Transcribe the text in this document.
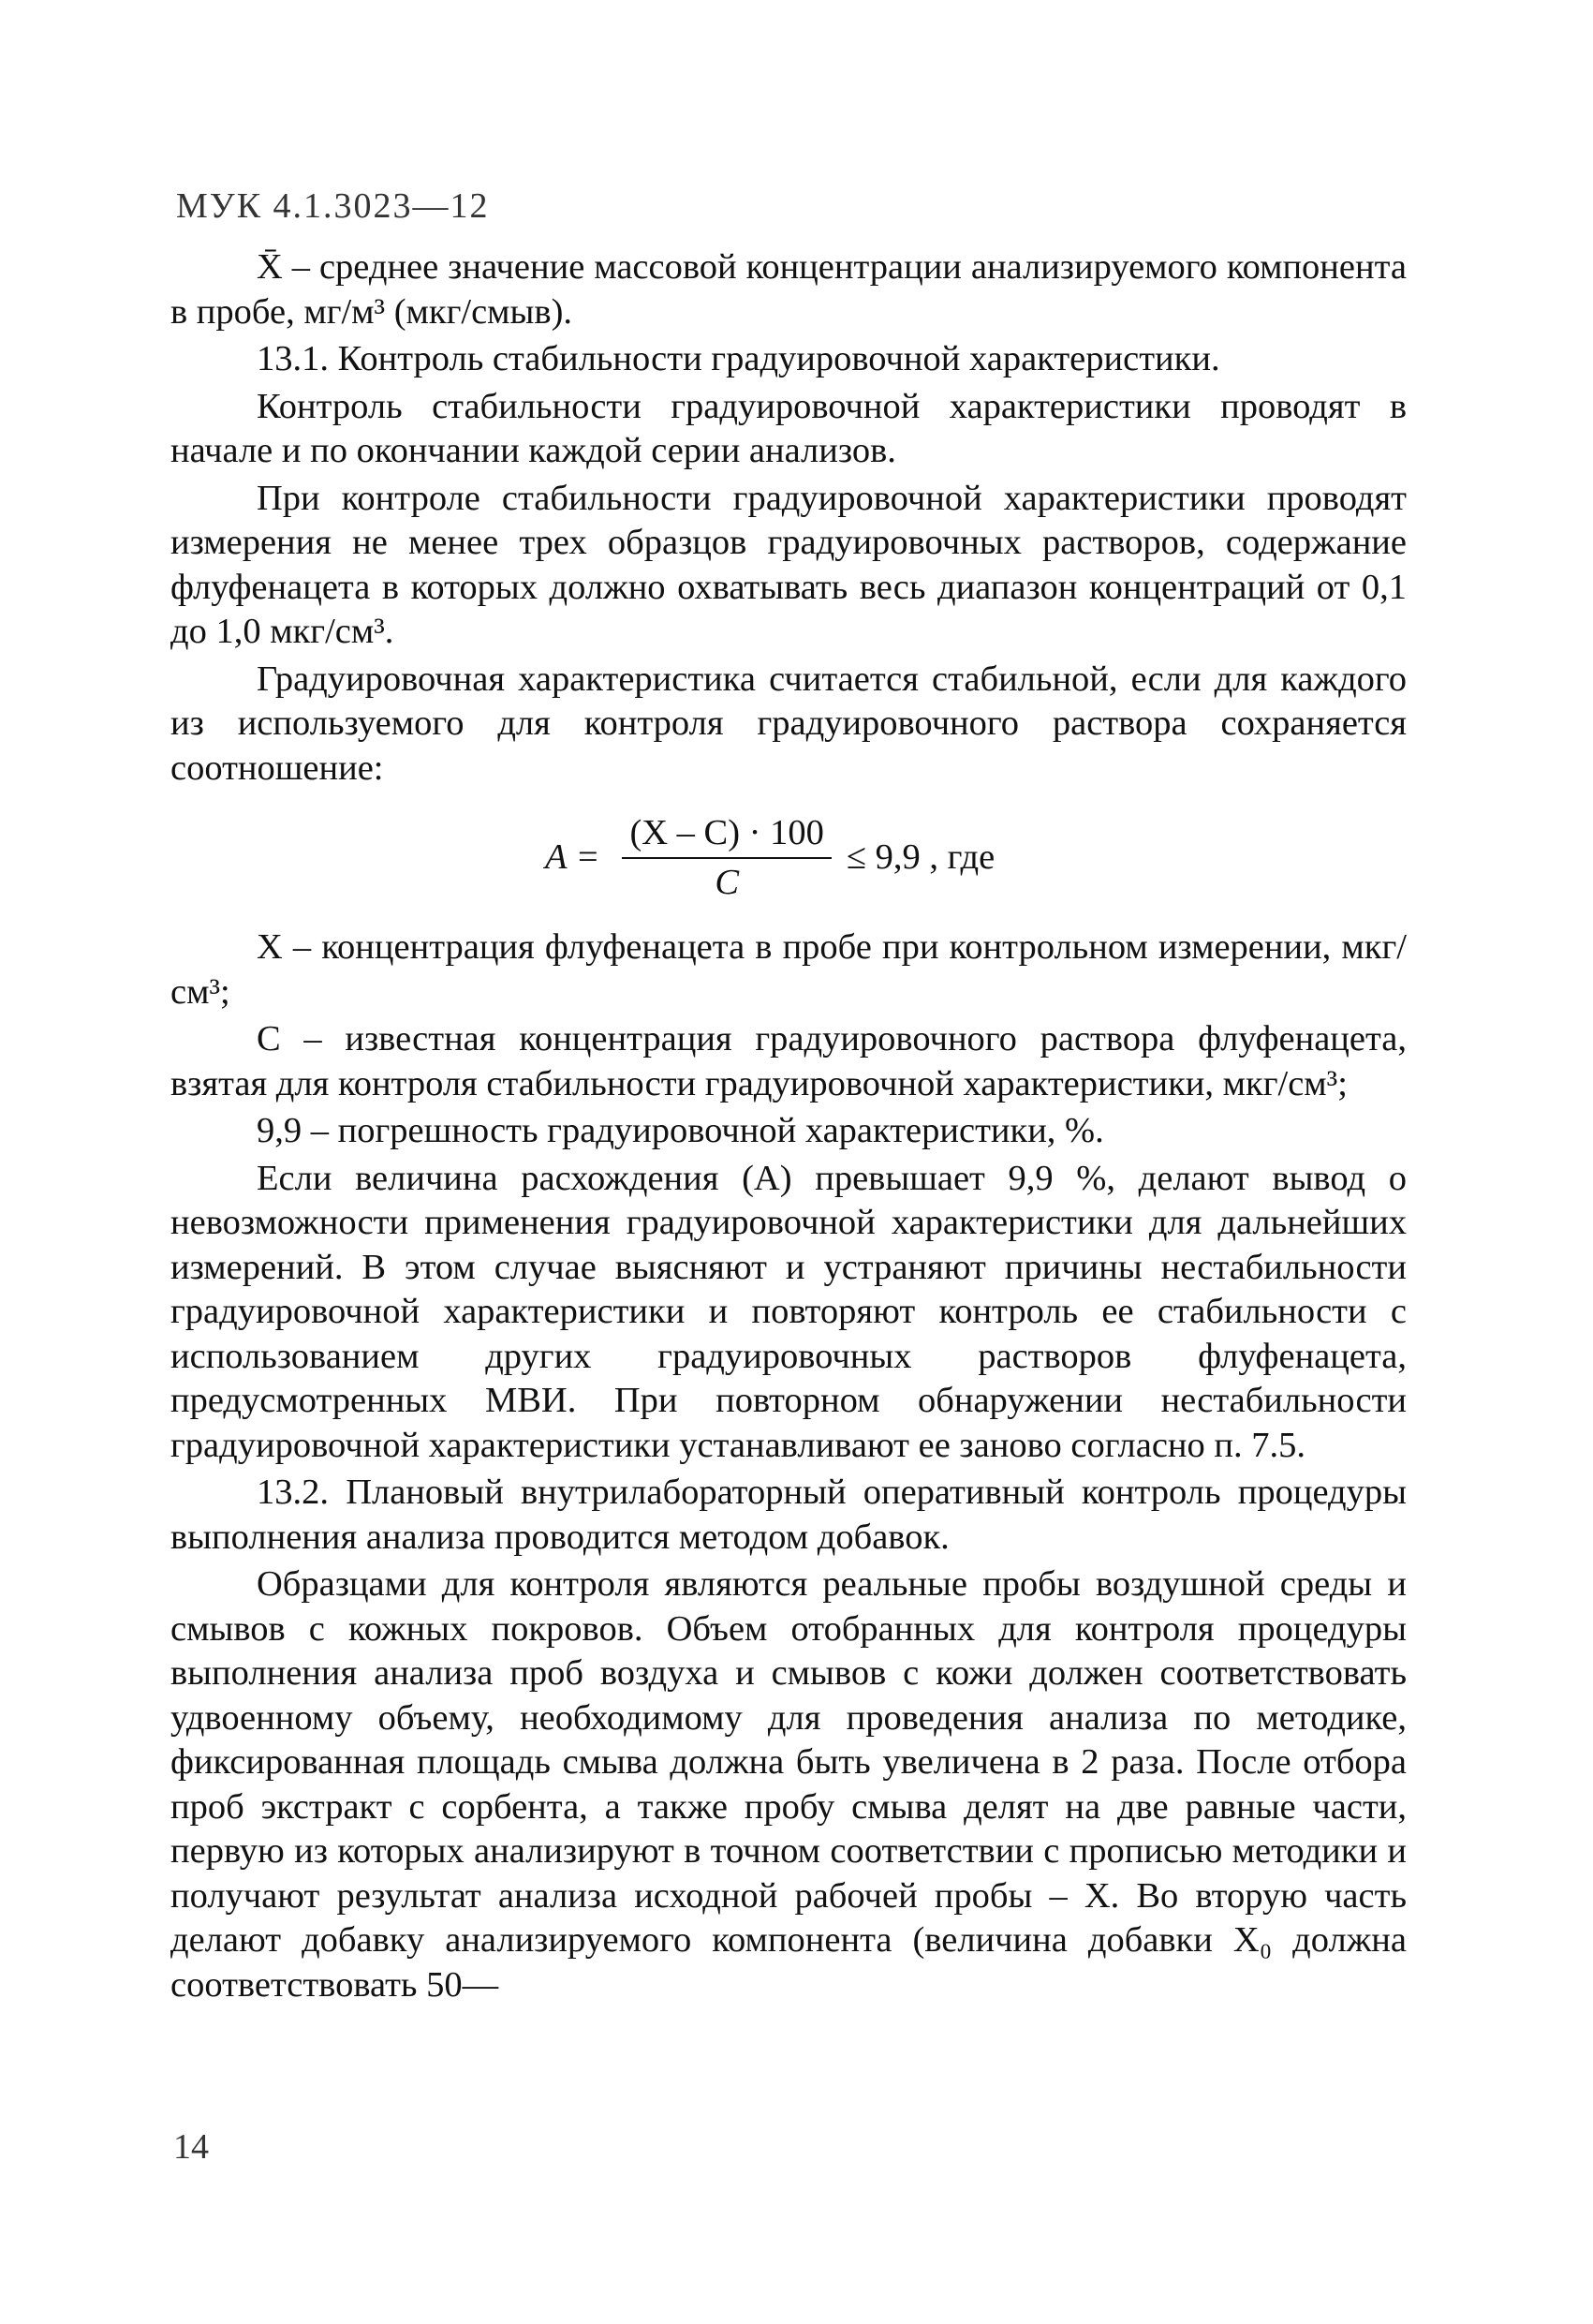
МУК 4.1.3023—12

X̄ – среднее значение массовой концентрации анализируемого компонента в пробе, мг/м³ (мкг/смыв).

13.1. Контроль стабильности градуировочной характеристики.

Контроль стабильности градуировочной характеристики проводят в начале и по окончании каждой серии анализов.

При контроле стабильности градуировочной характеристики проводят измерения не менее трех образцов градуировочных растворов, содержание флуфенацета в которых должно охватывать весь диапазон концентраций от 0,1 до 1,0 мкг/см³.

Градуировочная характеристика считается стабильной, если для каждого из используемого для контроля градуировочного раствора сохраняется соотношение:

$A = \frac{(X - C) \cdot 100}{C} \le 9,9$ , где

X – концентрация флуфенацета в пробе при контрольном измерении, мкг/см³;

C – известная концентрация градуировочного раствора флуфенацета, взятая для контроля стабильности градуировочной характеристики, мкг/см³;

9,9 – погрешность градуировочной характеристики, %.

Если величина расхождения (A) превышает 9,9 %, делают вывод о невозможности применения градуировочной характеристики для дальнейших измерений. В этом случае выясняют и устраняют причины нестабильности градуировочной характеристики и повторяют контроль ее стабильности с использованием других градуировочных растворов флуфенацета, предусмотренных МВИ. При повторном обнаружении нестабильности градуировочной характеристики устанавливают ее заново согласно п. 7.5.

13.2. Плановый внутрилабораторный оперативный контроль процедуры выполнения анализа проводится методом добавок.

Образцами для контроля являются реальные пробы воздушной среды и смывов с кожных покровов. Объем отобранных для контроля процедуры выполнения анализа проб воздуха и смывов с кожи должен соответствовать удвоенному объему, необходимому для проведения анализа по методике, фиксированная площадь смыва должна быть увеличена в 2 раза. После отбора проб экстракт с сорбента, а также пробу смыва делят на две равные части, первую из которых анализируют в точном соответствии с прописью методики и получают результат анализа исходной рабочей пробы – X. Во вторую часть делают добавку анализируемого компонента (величина добавки X₀ должна соответствовать 50—

14
